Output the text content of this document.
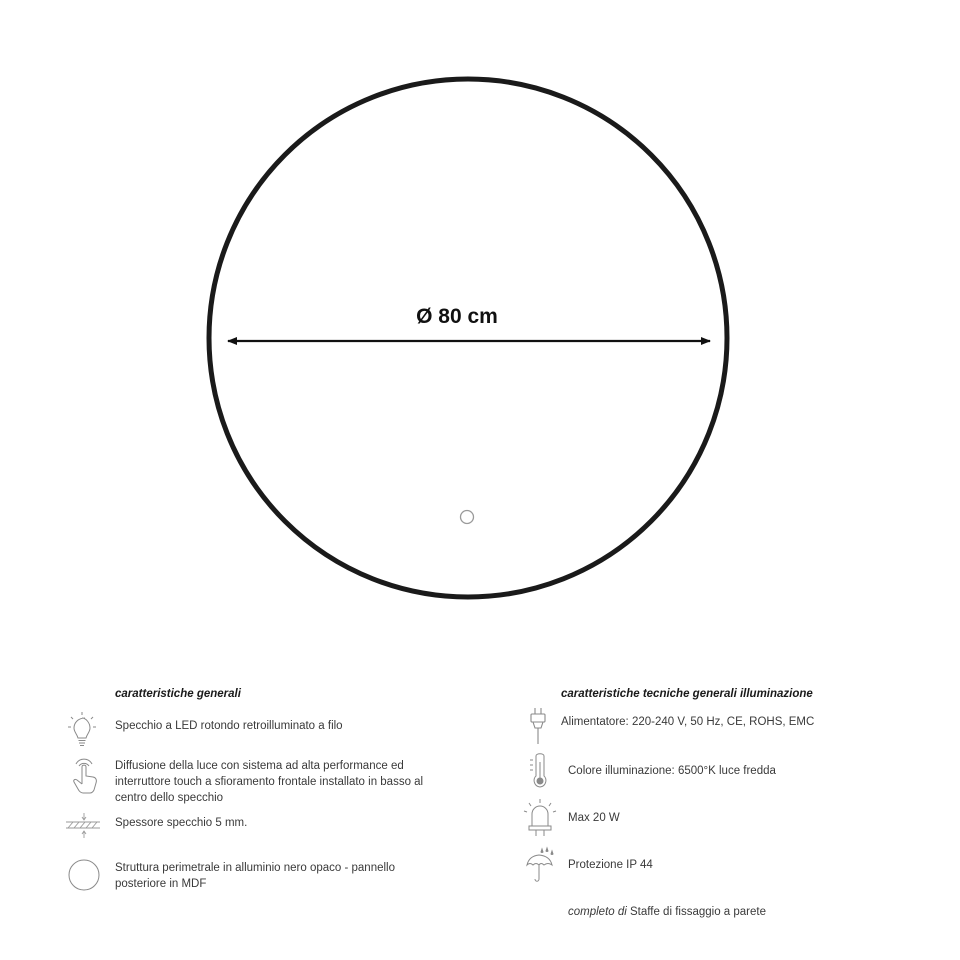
Ø 80 cm
caratteristiche generali
Specchio a LED rotondo retroilluminato a filo
Diffusione della luce con sistema ad alta performance ed
interruttore touch a sfioramento frontale installato in basso al
centro dello specchio
Spessore specchio 5 mm.
Struttura perimetrale in alluminio nero opaco - pannello
posteriore in MDF
caratteristiche tecniche generali illuminazione
Alimentatore: 220-240 V, 50 Hz, CE, ROHS, EMC
Colore illuminazione: 6500°K luce fredda
Max 20 W
Protezione IP 44
completo di Staffe di fissaggio a parete
